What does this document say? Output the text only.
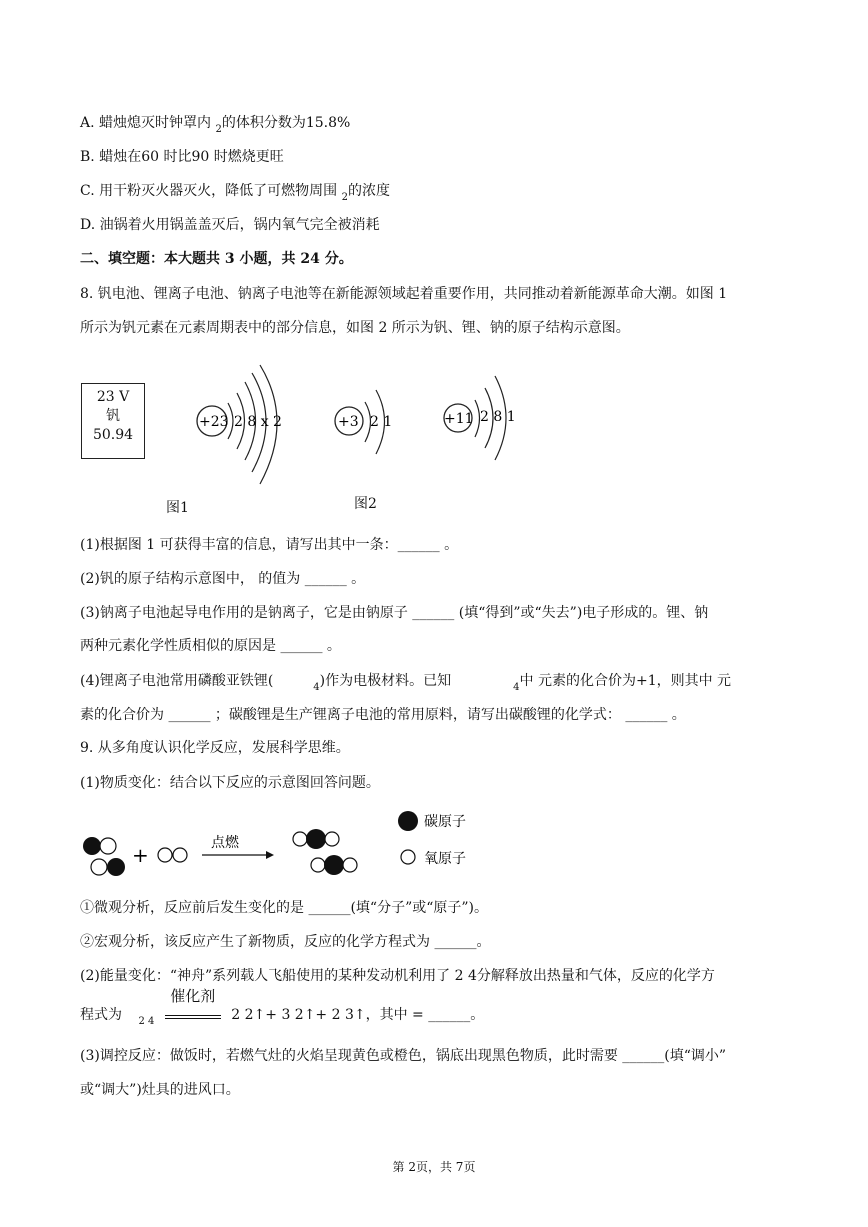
A. 蜡烛熄灭时钟罩内 $_2$的体积分数为15.8%
B. 蜡烛在60 时比90 时燃烧更旺
C. 用干粉灭火器灭火，降低了可燃物周围 $_2$的浓度
D. 油锅着火用锅盖盖灭后，锅内氧气完全被消耗
二、填空题：本大题共 3 小题，共 24 分。
8. 钒电池、锂离子电池、钠离子电池等在新能源领域起着重要作用，共同推动着新能源革命大潮。如图 1
所示为钒元素在元素周期表中的部分信息，如图 2 所示为钒、锂、钠的原子结构示意图。
23 V
钒
50.94
+23 2 8 x 2	+3 2 1	+11 2 8 1
图1	图2
(1)根据图 1 可获得丰富的信息，请写出其中一条：______ 。
(2)钒的原子结构示意图中， 的值为 ______ 。
(3)钠离子电池起导电作用的是钠离子，它是由钠原子 ______ (填“得到”或“失去”)电子形成的。锂、钠
两种元素化学性质相似的原因是 ______ 。
(4)锂离子电池常用磷酸亚铁锂(	$_4$)作为电极材料。已知	$_4$中 元素的化合价为+1，则其中 元
素的化合价为 ______ ；碳酸锂是生产锂离子电池的常用原料，请写出碳酸锂的化学式： ______ 。
9. 从多角度认识化学反应，发展科学思维。
(1)物质变化：结合以下反应的示意图回答问题。
+	点燃
碳原子
氧原子
①微观分析，反应前后发生变化的是 ______(填“分子”或“原子”)。
②宏观分析，该反应产生了新物质，反应的化学方程式为 ______。
(2)能量变化：“神舟”系列载人飞船使用的某种发动机利用了 2 4分解释放出热量和气体，反应的化学方
程式为 $_{2 4}$
催化剂
2 2↑+ 3 2↑+ 2 3↑，其中 = ______。
(3)调控反应：做饭时，若燃气灶的火焰呈现黄色或橙色，锅底出现黑色物质，此时需要 ______(填“调小”
或“调大”)灶具的进风口。
第 2页，共 7页
